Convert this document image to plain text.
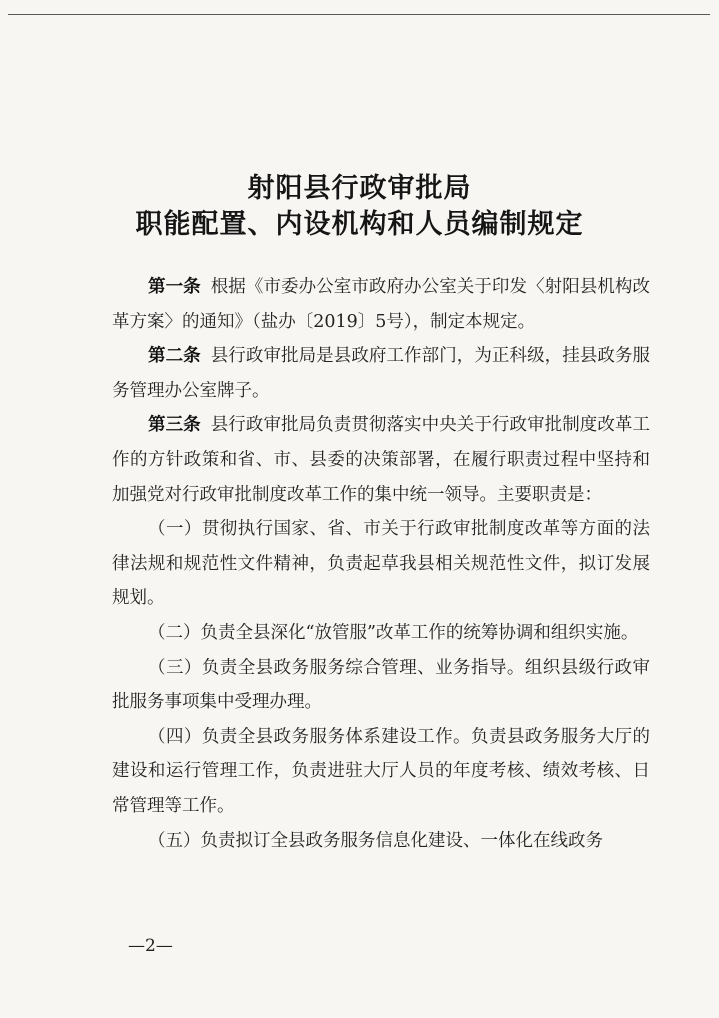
射阳县行政审批局
职能配置、内设机构和人员编制规定

第一条 根据《市委办公室市政府办公室关于印发〈射阳县机构改革方案〉的通知》（盐办〔2019〕5号），制定本规定。

第二条 县行政审批局是县政府工作部门，为正科级，挂县政务服务管理办公室牌子。

第三条 县行政审批局负责贯彻落实中央关于行政审批制度改革工作的方针政策和省、市、县委的决策部署，在履行职责过程中坚持和加强党对行政审批制度改革工作的集中统一领导。主要职责是：

（一）贯彻执行国家、省、市关于行政审批制度改革等方面的法律法规和规范性文件精神，负责起草我县相关规范性文件，拟订发展规划。

（二）负责全县深化“放管服”改革工作的统筹协调和组织实施。

（三）负责全县政务服务综合管理、业务指导。组织县级行政审批服务事项集中受理办理。

（四）负责全县政务服务体系建设工作。负责县政务服务大厅的建设和运行管理工作，负责进驻大厅人员的年度考核、绩效考核、日常管理等工作。

（五）负责拟订全县政务服务信息化建设、一体化在线政务

—2—
